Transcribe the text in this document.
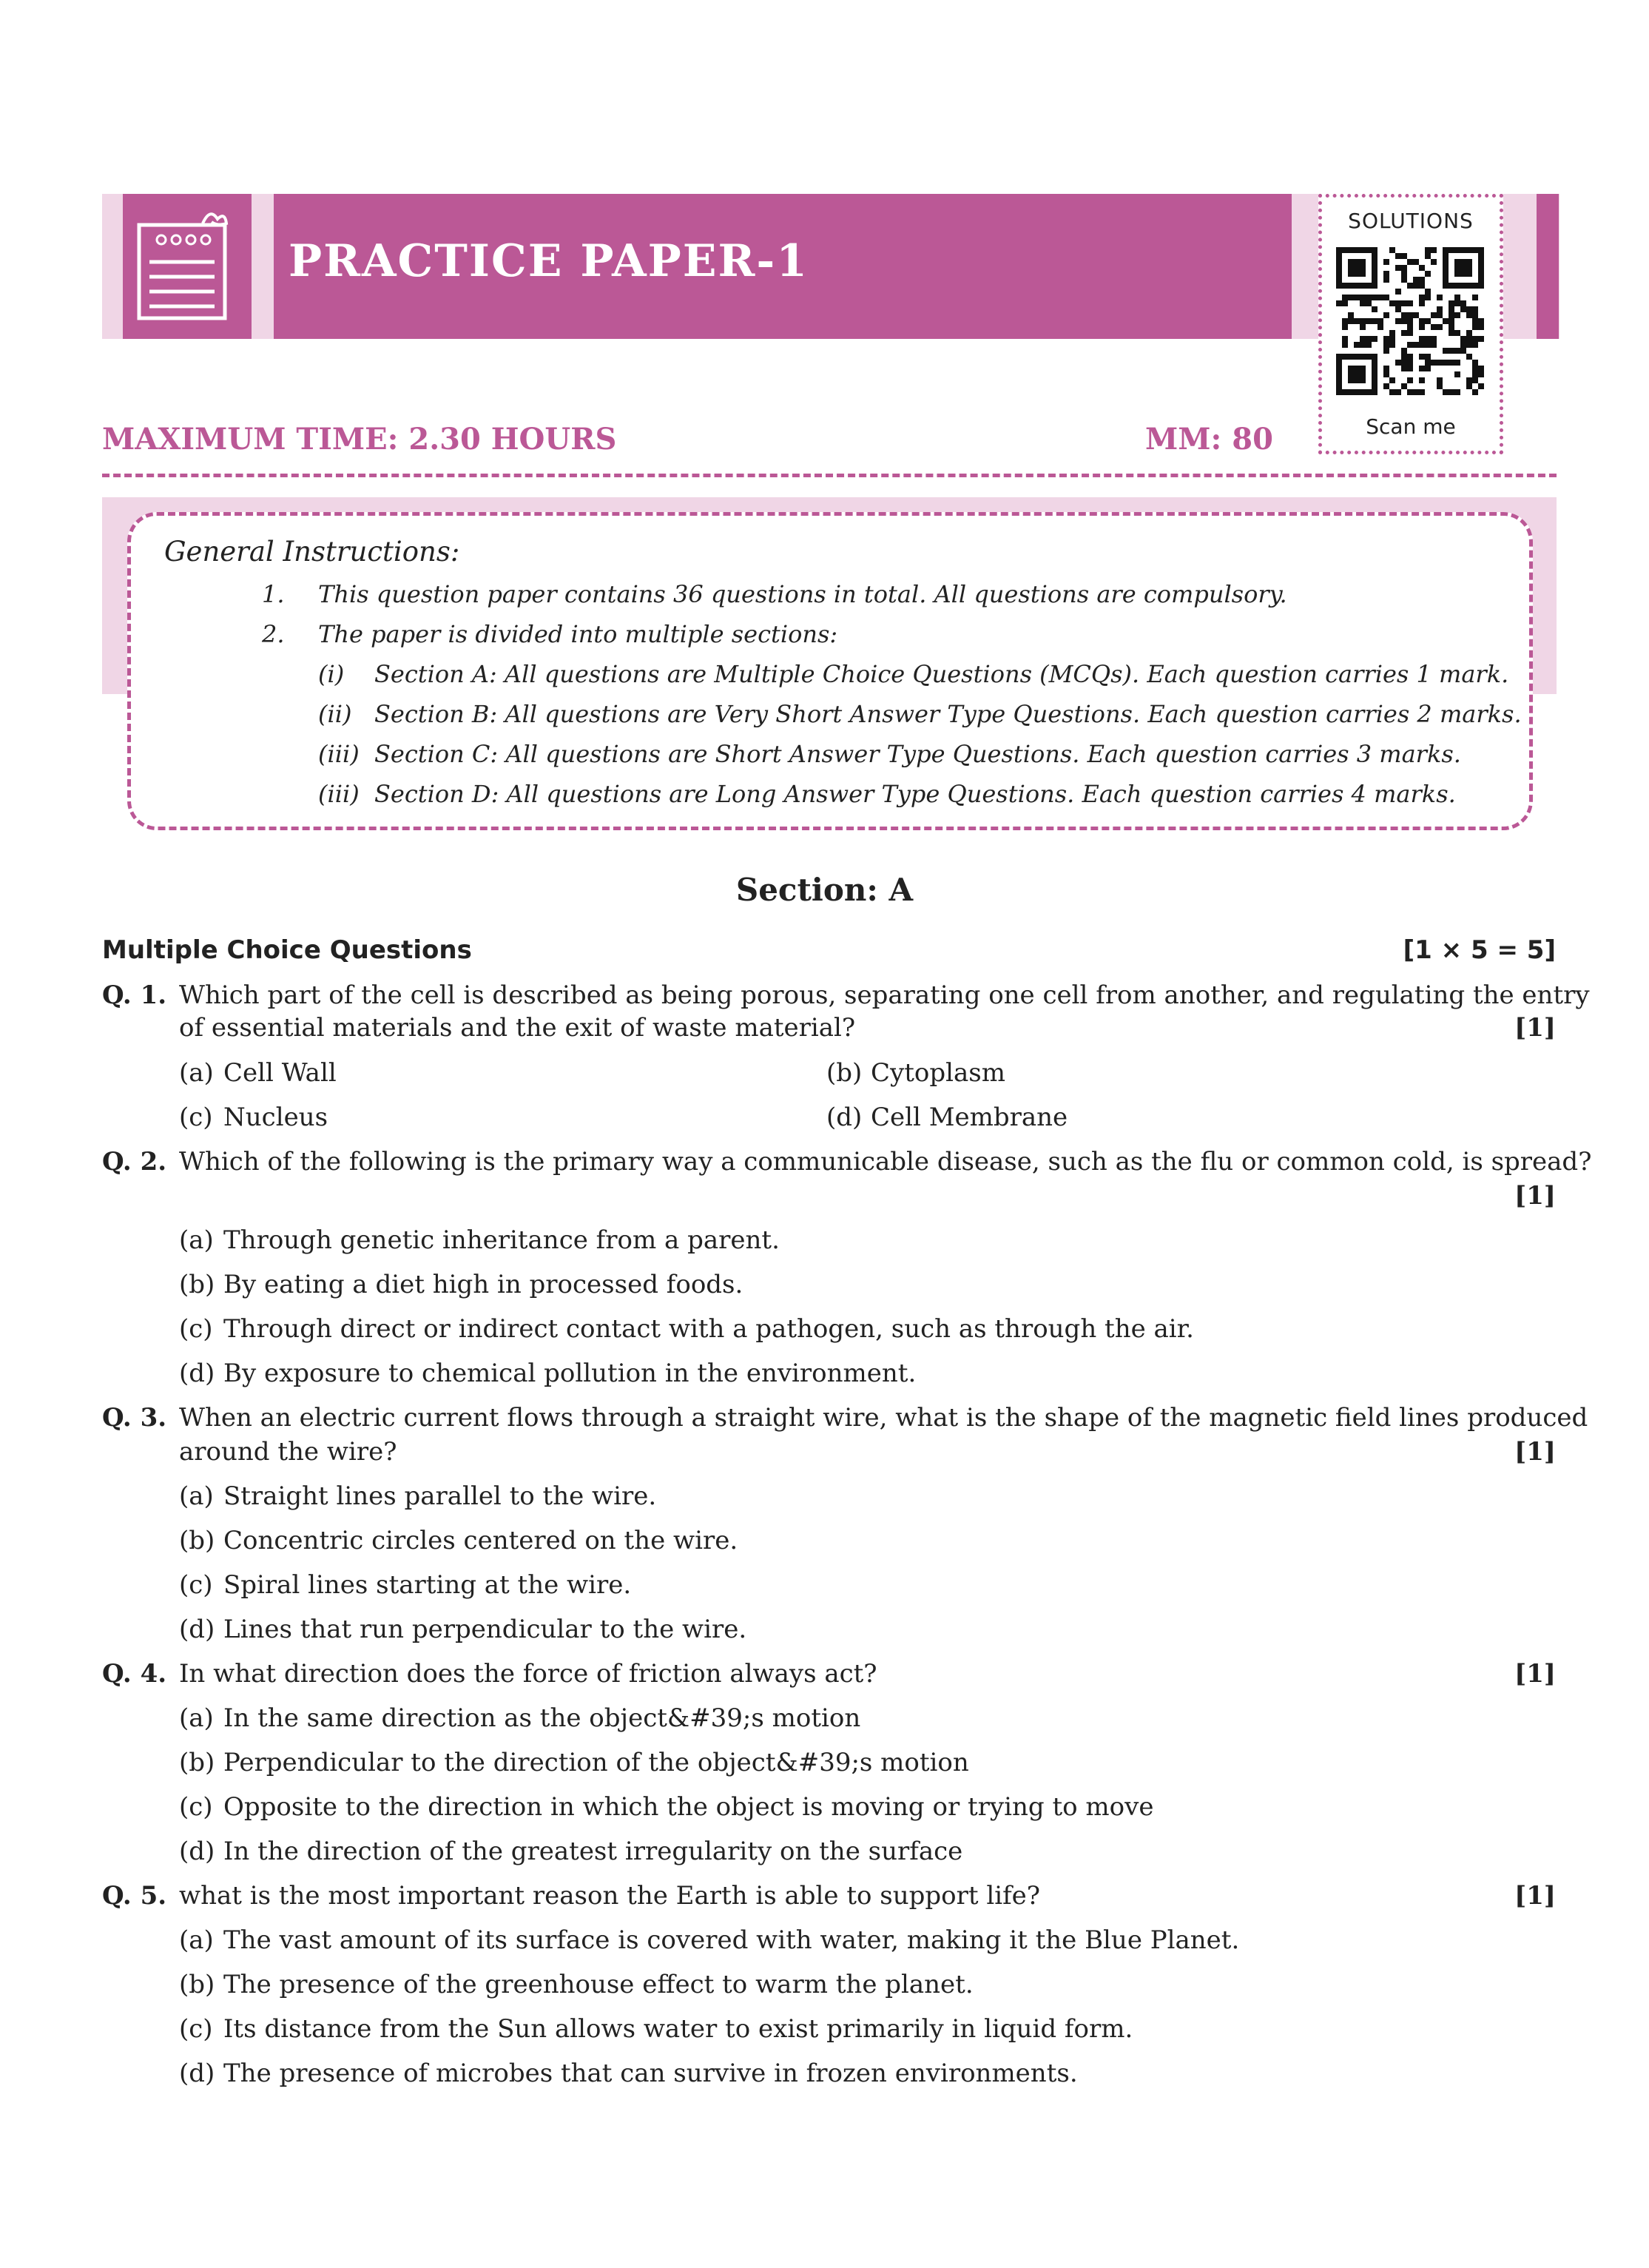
PRACTICE PAPER-1
SOLUTIONS
Scan me
MAXIMUM TIME: 2.30 HOURS	MM: 80
General Instructions:
1. This question paper contains 36 questions in total. All questions are compulsory.
2. The paper is divided into multiple sections:
(i) Section A: All questions are Multiple Choice Questions (MCQs). Each question carries 1 mark.
(ii) Section B: All questions are Very Short Answer Type Questions. Each question carries 2 marks.
(iii) Section C: All questions are Short Answer Type Questions. Each question carries 3 marks.
(iii) Section D: All questions are Long Answer Type Questions. Each question carries 4 marks.
Section: A
Multiple Choice Questions	[1 × 5 = 5]
Q. 1. Which part of the cell is described as being porous, separating one cell from another, and regulating the entry
of essential materials and the exit of waste material?	[1]
(a) Cell Wall	(b) Cytoplasm
(c) Nucleus	(d) Cell Membrane
Q. 2. Which of the following is the primary way a communicable disease, such as the flu or common cold, is spread?
[1]
(a) Through genetic inheritance from a parent.
(b) By eating a diet high in processed foods.
(c) Through direct or indirect contact with a pathogen, such as through the air.
(d) By exposure to chemical pollution in the environment.
Q. 3. When an electric current flows through a straight wire, what is the shape of the magnetic field lines produced
around the wire?	[1]
(a) Straight lines parallel to the wire.
(b) Concentric circles centered on the wire.
(c) Spiral lines starting at the wire.
(d) Lines that run perpendicular to the wire.
Q. 4. In what direction does the force of friction always act?	[1]
(a) In the same direction as the object&#39;s motion
(b) Perpendicular to the direction of the object&#39;s motion
(c) Opposite to the direction in which the object is moving or trying to move
(d) In the direction of the greatest irregularity on the surface
Q. 5. what is the most important reason the Earth is able to support life?	[1]
(a) The vast amount of its surface is covered with water, making it the Blue Planet.
(b) The presence of the greenhouse effect to warm the planet.
(c) Its distance from the Sun allows water to exist primarily in liquid form.
(d) The presence of microbes that can survive in frozen environments.
